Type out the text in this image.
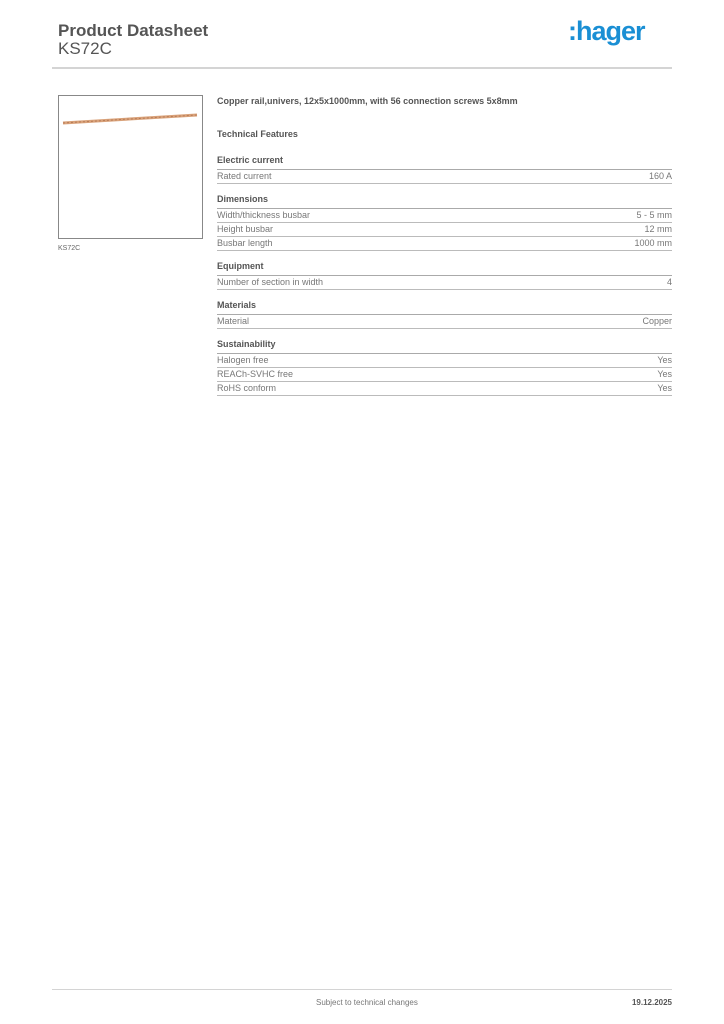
Product Datasheet
KS72C
:hager
KS72C
Copper rail,univers, 12x5x1000mm, with 56 connection screws 5x8mm
Technical Features
Electric current
Rated current	160 A
Dimensions
Width/thickness busbar	5 - 5 mm
Height busbar	12 mm
Busbar length	1000 mm
Equipment
Number of section in width	4
Materials
Material	Copper
Sustainability
Halogen free	Yes
REACh-SVHC free	Yes
RoHS conform	Yes
Subject to technical changes	19.12.2025
